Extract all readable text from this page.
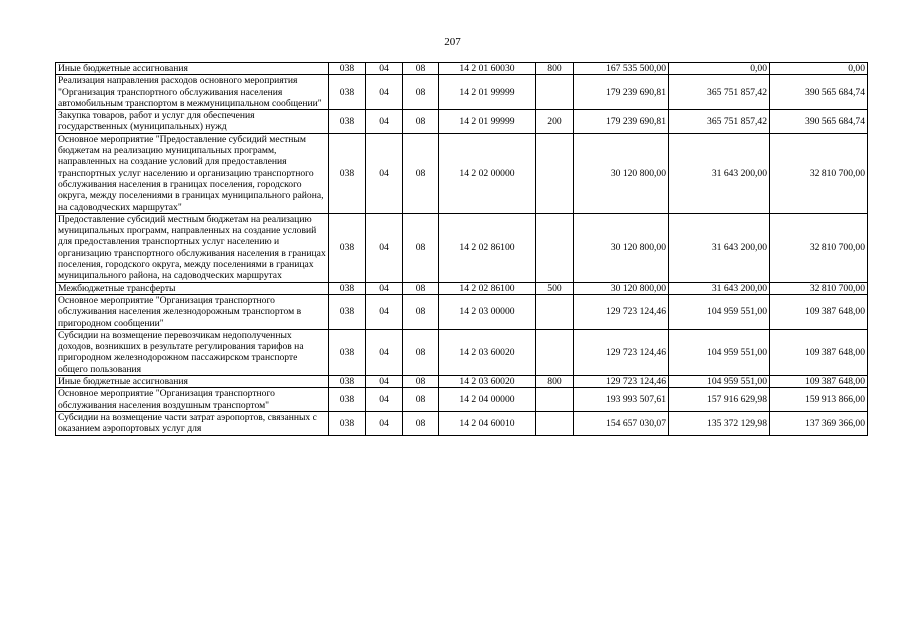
207
Иные бюджетные ассигнования	038	04	08	14 2 01 60030	800	167 535 500,00	0,00	0,00
Реализация направления расходов основного мероприятия "Организация транспортного обслуживания населения автомобильным транспортом в межмуниципальном сообщении"	038	04	08	14 2 01 99999		179 239 690,81	365 751 857,42	390 565 684,74
Закупка товаров, работ и услуг для обеспечения государственных (муниципальных) нужд	038	04	08	14 2 01 99999	200	179 239 690,81	365 751 857,42	390 565 684,74
Основное мероприятие "Предоставление субсидий местным бюджетам на реализацию муниципальных программ, направленных на создание условий для предоставления транспортных услуг населению и организацию транспортного обслуживания населения в границах поселения, городского округа, между поселениями в границах муниципального района, на садоводческих маршрутах"	038	04	08	14 2 02 00000		30 120 800,00	31 643 200,00	32 810 700,00
Предоставление субсидий местным бюджетам на реализацию муниципальных программ, направленных на создание условий для предоставления транспортных услуг населению и организацию транспортного обслуживания населения в границах поселения, городского округа, между поселениями в границах муниципального района, на садоводческих маршрутах	038	04	08	14 2 02 86100		30 120 800,00	31 643 200,00	32 810 700,00
Межбюджетные трансферты	038	04	08	14 2 02 86100	500	30 120 800,00	31 643 200,00	32 810 700,00
Основное мероприятие "Организация транспортного обслуживания населения железнодорожным транспортом в пригородном сообщении"	038	04	08	14 2 03 00000		129 723 124,46	104 959 551,00	109 387 648,00
Субсидии на возмещение перевозчикам недополученных доходов, возникших в результате регулирования тарифов на пригородном железнодорожном пассажирском транспорте общего пользования	038	04	08	14 2 03 60020		129 723 124,46	104 959 551,00	109 387 648,00
Иные бюджетные ассигнования	038	04	08	14 2 03 60020	800	129 723 124,46	104 959 551,00	109 387 648,00
Основное мероприятие "Организация транспортного обслуживания населения воздушным транспортом"	038	04	08	14 2 04 00000		193 993 507,61	157 916 629,98	159 913 866,00
Субсидии на возмещение части затрат аэропортов, связанных с оказанием аэропортовых услуг для	038	04	08	14 2 04 60010		154 657 030,07	135 372 129,98	137 369 366,00
